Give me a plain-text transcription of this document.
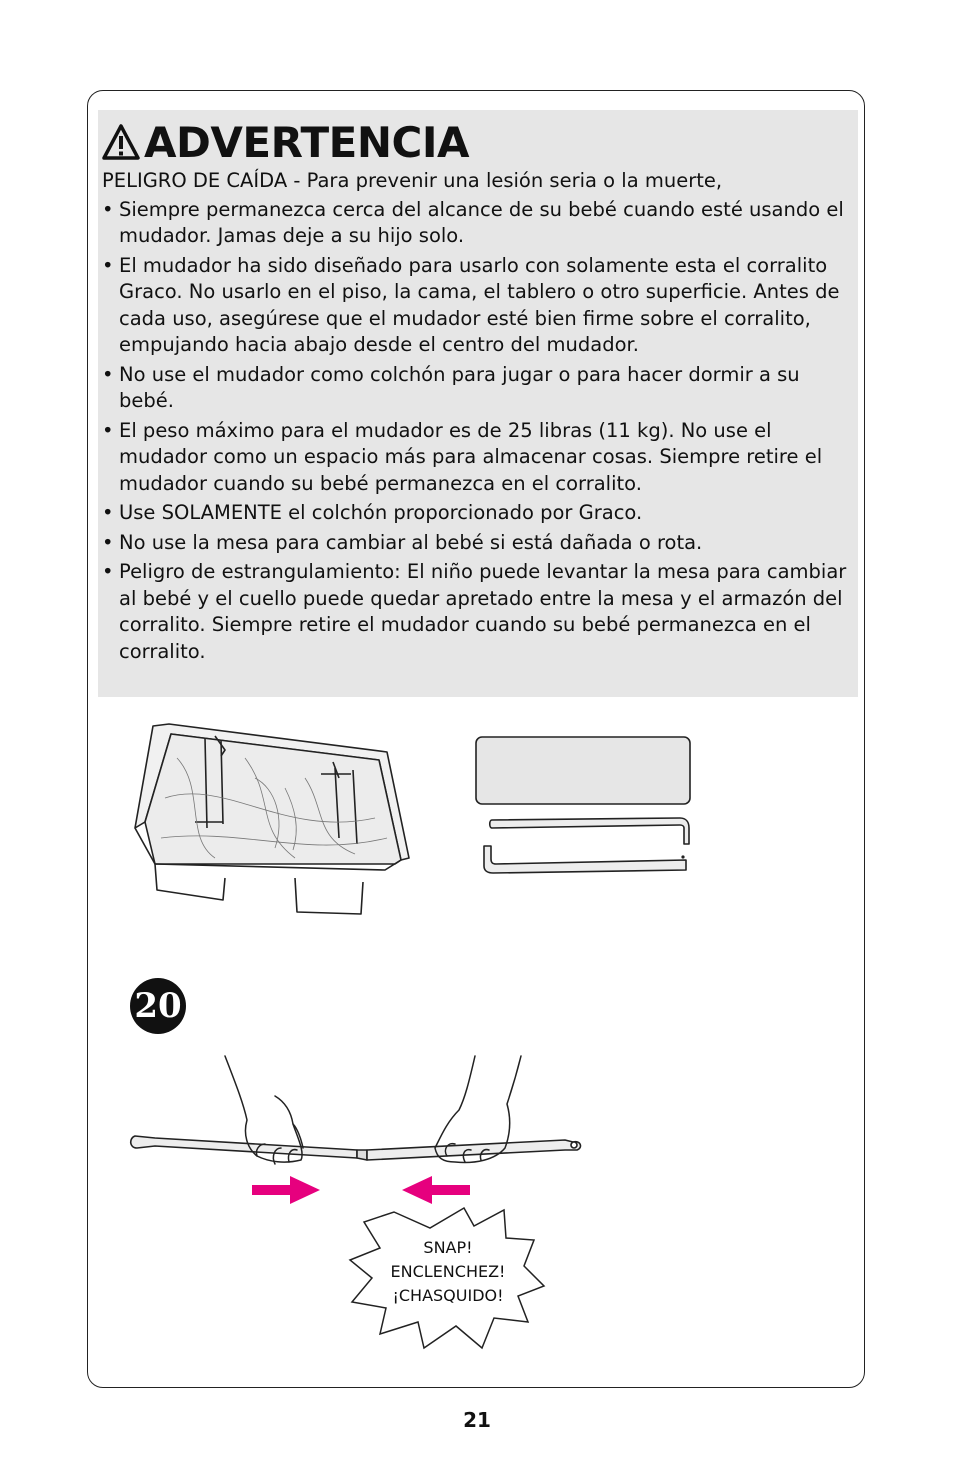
ADVERTENCIA

PELIGRO DE CAÍDA - Para prevenir una lesión seria o la muerte,

• Siempre permanezca cerca del alcance de su bebé cuando esté usando el mudador. Jamas deje a su hijo solo.
• El mudador ha sido diseñado para usarlo con solamente esta el corralito Graco. No usarlo en el piso, la cama, el tablero o otro superficie. Antes de cada uso, asegúrese que el mudador esté bien firme sobre el corralito, empujando hacia abajo desde el centro del mudador.
• No use el mudador como colchón para jugar o para hacer dormir a su bebé.
• El peso máximo para el mudador es de 25 libras (11 kg). No use el mudador como un espacio más para almacenar cosas. Siempre retire el mudador cuando su bebé permanezca en el corralito.
• Use SOLAMENTE el colchón proporcionado por Graco.
• No use la mesa para cambiar al bebé si está dañada o rota.
• Peligro de estrangulamiento: El niño puede levantar la mesa para cambiar al bebé y el cuello puede quedar apretado entre la mesa y el armazón del corralito. Siempre retire el mudador cuando su bebé permanezca en el corralito.
20
SNAP!
ENCLENCHEZ!
¡CHASQUIDO!
21
